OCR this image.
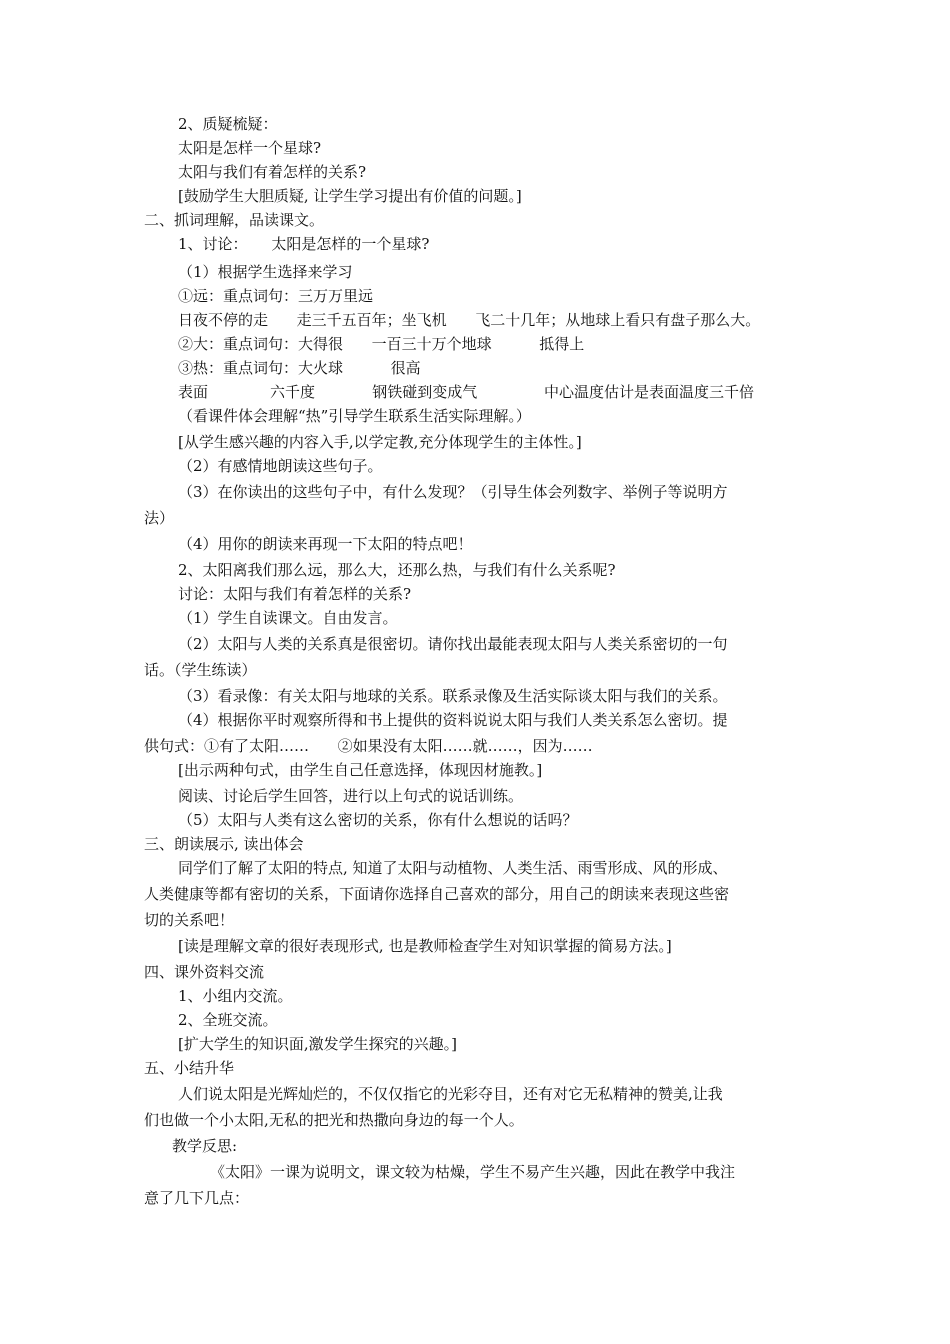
2、质疑梳疑：

太阳是怎样一个星球?

太阳与我们有着怎样的关系?

[鼓励学生大胆质疑, 让学生学习提出有价值的问题。]

二、抓词理解，品读课文。

1、讨论：     太阳是怎样的一个星球?

（1）根据学生选择来学习

①远：重点词句：三万万里远

日夜不停的走      走三千五百年；坐飞机      飞二十几年；从地球上看只有盘子那么大。

②大：重点词句：大得很      一百三十万个地球          抵得上

③热：重点词句：大火球          很高

表面             六千度            钢铁碰到变成气              中心温度估计是表面温度三千倍

（看课件体会理解“热”引导学生联系生活实际理解。）

[从学生感兴趣的内容入手,以学定教,充分体现学生的主体性。]

（2）有感情地朗读这些句子。

（3）在你读出的这些句子中，有什么发现？（引导生体会列数字、举例子等说明方

法）

（4）用你的朗读来再现一下太阳的特点吧！

2、太阳离我们那么远，那么大，还那么热，与我们有什么关系呢?

讨论：太阳与我们有着怎样的关系?

（1）学生自读课文。自由发言。

（2）太阳与人类的关系真是很密切。请你找出最能表现太阳与人类关系密切的一句

话。（学生练读）

（3）看录像：有关太阳与地球的关系。联系录像及生活实际谈太阳与我们的关系。

（4）根据你平时观察所得和书上提供的资料说说太阳与我们人类关系怎么密切。提

供句式：①有了太阳……      ②如果没有太阳……就……，因为……

[出示两种句式，由学生自己任意选择，体现因材施教。]

阅读、讨论后学生回答，进行以上句式的说话训练。

（5）太阳与人类有这么密切的关系，你有什么想说的话吗？

三、朗读展示, 读出体会

同学们了解了太阳的特点, 知道了太阳与动植物、人类生活、雨雪形成、风的形成、

人类健康等都有密切的关系，下面请你选择自己喜欢的部分，用自己的朗读来表现这些密

切的关系吧！

[读是理解文章的很好表现形式, 也是教师检查学生对知识掌握的简易方法。]

四、课外资料交流

1、小组内交流。

2、全班交流。

[扩大学生的知识面,激发学生探究的兴趣。]

五、小结升华

人们说太阳是光辉灿烂的，不仅仅指它的光彩夺目，还有对它无私精神的赞美,让我

们也做一个小太阳,无私的把光和热撒向身边的每一个人。

教学反思:

《太阳》一课为说明文，课文较为枯燥，学生不易产生兴趣，因此在教学中我注

意了几下几点：
